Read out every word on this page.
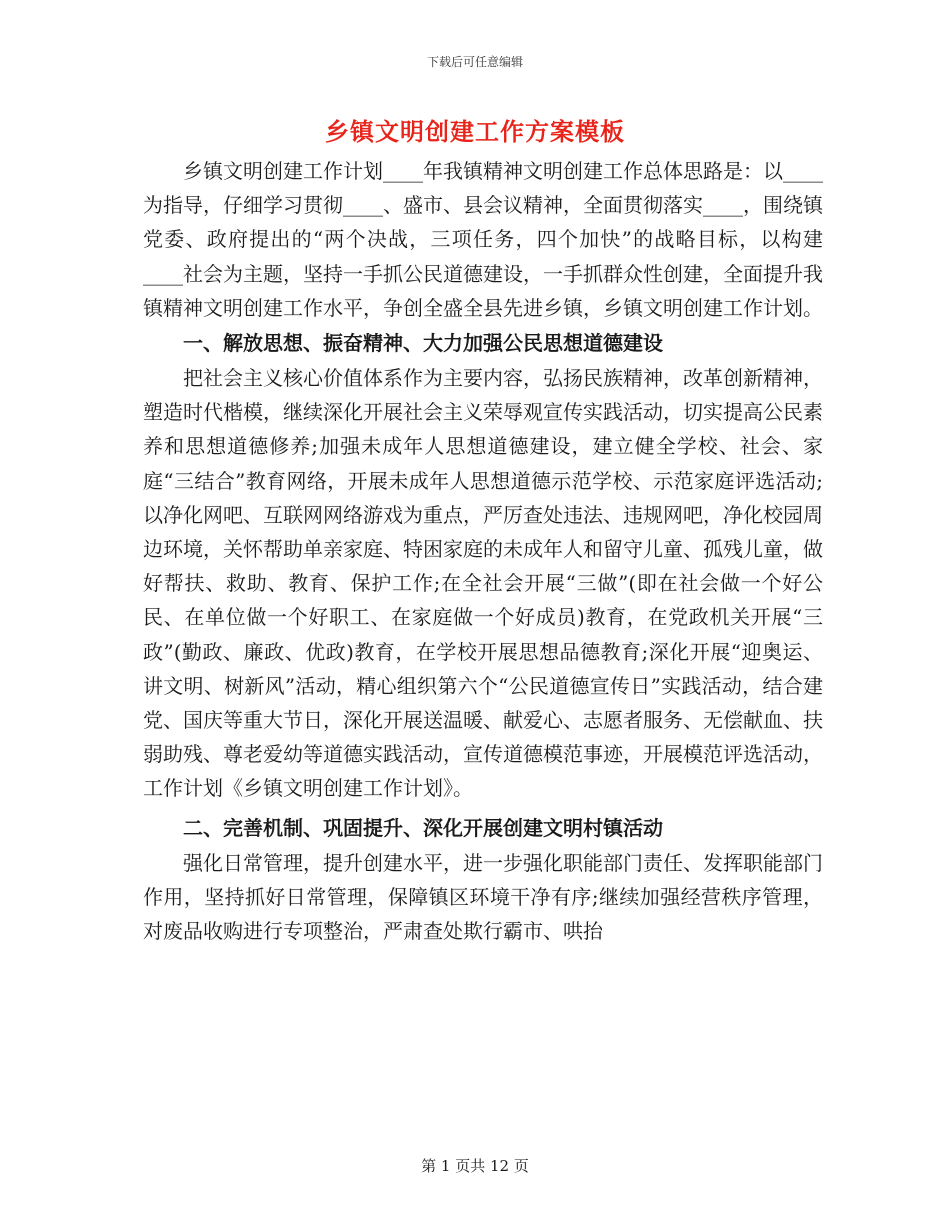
下载后可任意编辑
乡镇文明创建工作方案模板

乡镇文明创建工作计划____年我镇精神文明创建工作总体思路是：以____为指导，仔细学习贯彻____、盛市、县会议精神，全面贯彻落实____，围绕镇党委、政府提出的“两个决战，三项任务，四个加快”的战略目标，以构建____社会为主题，坚持一手抓公民道德建设，一手抓群众性创建，全面提升我镇精神文明创建工作水平，争创全盛全县先进乡镇，乡镇文明创建工作计划。

一、解放思想、振奋精神、大力加强公民思想道德建设

把社会主义核心价值体系作为主要内容，弘扬民族精神，改革创新精神，塑造时代楷模，继续深化开展社会主义荣辱观宣传实践活动，切实提高公民素养和思想道德修养;加强未成年人思想道德建设，建立健全学校、社会、家庭“三结合”教育网络，开展未成年人思想道德示范学校、示范家庭评选活动;以净化网吧、互联网网络游戏为重点，严厉查处违法、违规网吧，净化校园周边环境，关怀帮助单亲家庭、特困家庭的未成年人和留守儿童、孤残儿童，做好帮扶、救助、教育、保护工作;在全社会开展“三做”(即在社会做一个好公民、在单位做一个好职工、在家庭做一个好成员)教育，在党政机关开展“三政”(勤政、廉政、优政)教育，在学校开展思想品德教育;深化开展“迎奥运、讲文明、树新风”活动，精心组织第六个“公民道德宣传日”实践活动，结合建党、国庆等重大节日，深化开展送温暖、献爱心、志愿者服务、无偿献血、扶弱助残、尊老爱幼等道德实践活动，宣传道德模范事迹，开展模范评选活动，工作计划《乡镇文明创建工作计划》。

二、完善机制、巩固提升、深化开展创建文明村镇活动

强化日常管理，提升创建水平，进一步强化职能部门责任、发挥职能部门作用，坚持抓好日常管理，保障镇区环境干净有序;继续加强经营秩序管理，对废品收购进行专项整治，严肃查处欺行霸市、哄抬

第 1 页共 12 页
